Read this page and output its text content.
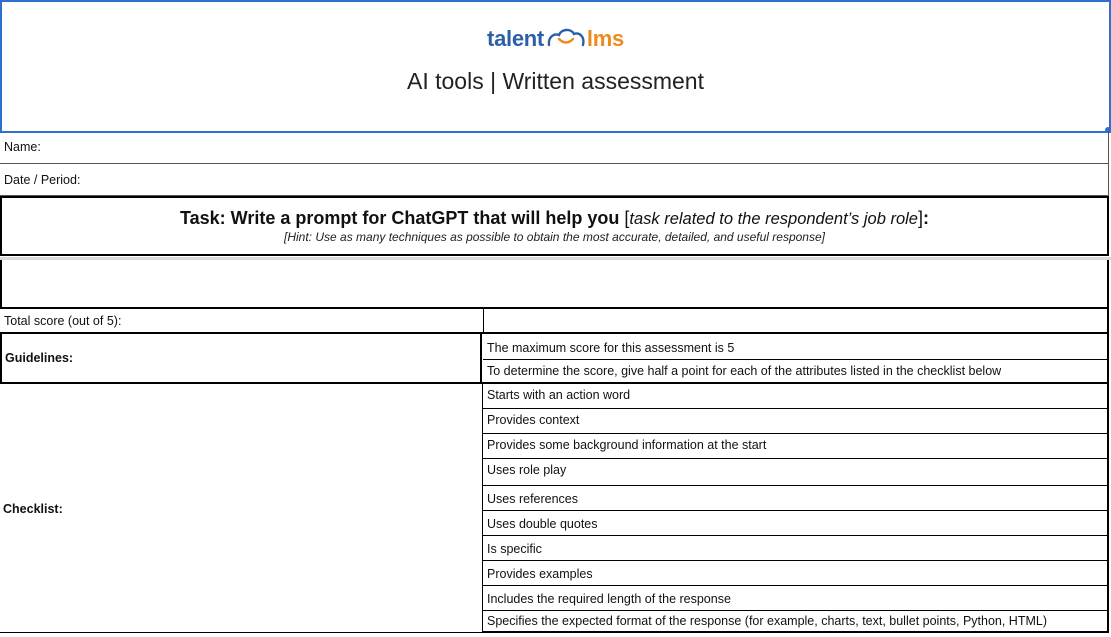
talent lms
AI tools | Written assessment
Name:
Date / Period:
Task: Write a prompt for ChatGPT that will help you [task related to the respondent’s job role]:
[Hint: Use as many techniques as possible to obtain the most accurate, detailed, and useful response]
Total score (out of 5):
Guidelines:
The maximum score for this assessment is 5
To determine the score, give half a point for each of the attributes listed in the checklist below
Checklist:
Starts with an action word
Provides context
Provides some background information at the start
Uses role play
Uses references
Uses double quotes
Is specific
Provides examples
Includes the required length of the response
Specifies the expected format of the response (for example, charts, text, bullet points, Python, HTML)
